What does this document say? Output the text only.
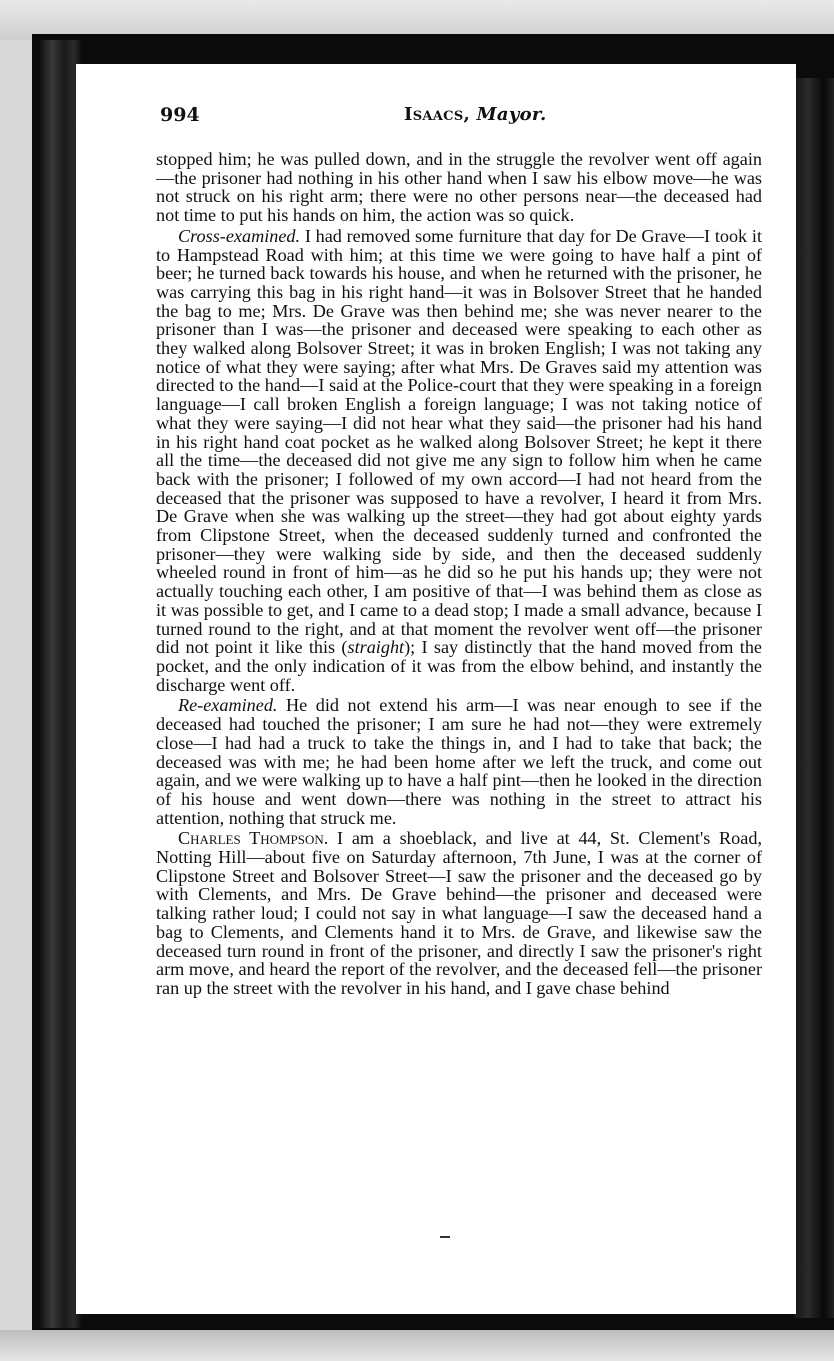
994	Isaacs, Mayor.

stopped him; he was pulled down, and in the struggle the revolver went off again—the prisoner had nothing in his other hand when I saw his elbow move—he was not struck on his right arm; there were no other persons near—the deceased had not time to put his hands on him, the action was so quick.

Cross-examined. I had removed some furniture that day for De Grave—I took it to Hampstead Road with him; at this time we were going to have half a pint of beer; he turned back towards his house, and when he returned with the prisoner, he was carrying this bag in his right hand—it was in Bolsover Street that he handed the bag to me; Mrs. De Grave was then behind me; she was never nearer to the prisoner than I was—the prisoner and deceased were speaking to each other as they walked along Bolsover Street; it was in broken English; I was not taking any notice of what they were saying; after what Mrs. De Graves said my attention was directed to the hand—I said at the Police-court that they were speaking in a foreign language—I call broken English a foreign language; I was not taking notice of what they were saying—I did not hear what they said—the prisoner had his hand in his right hand coat pocket as he walked along Bolsover Street; he kept it there all the time—the deceased did not give me any sign to follow him when he came back with the prisoner; I followed of my own accord—I had not heard from the deceased that the prisoner was supposed to have a revolver, I heard it from Mrs. De Grave when she was walking up the street—they had got about eighty yards from Clipstone Street, when the deceased suddenly turned and confronted the prisoner—they were walking side by side, and then the deceased suddenly wheeled round in front of him—as he did so he put his hands up; they were not actually touching each other, I am positive of that—I was behind them as close as it was possible to get, and I came to a dead stop; I made a small advance, because I turned round to the right, and at that moment the revolver went off—the prisoner did not point it like this (straight); I say distinctly that the hand moved from the pocket, and the only indication of it was from the elbow behind, and instantly the discharge went off.

Re-examined. He did not extend his arm—I was near enough to see if the deceased had touched the prisoner; I am sure he had not—they were extremely close—I had had a truck to take the things in, and I had to take that back; the deceased was with me; he had been home after we left the truck, and come out again, and we were walking up to have a half pint—then he looked in the direction of his house and went down—there was nothing in the street to attract his attention, nothing that struck me.

Charles Thompson. I am a shoeblack, and live at 44, St. Clement's Road, Notting Hill—about five on Saturday afternoon, 7th June, I was at the corner of Clipstone Street and Bolsover Street—I saw the prisoner and the deceased go by with Clements, and Mrs. De Grave behind—the prisoner and deceased were talking rather loud; I could not say in what language—I saw the deceased hand a bag to Clements, and Clements hand it to Mrs. de Grave, and likewise saw the deceased turn round in front of the prisoner, and directly I saw the prisoner's right arm move, and heard the report of the revolver, and the deceased fell—the prisoner ran up the street with the revolver in his hand, and I gave chase behind
